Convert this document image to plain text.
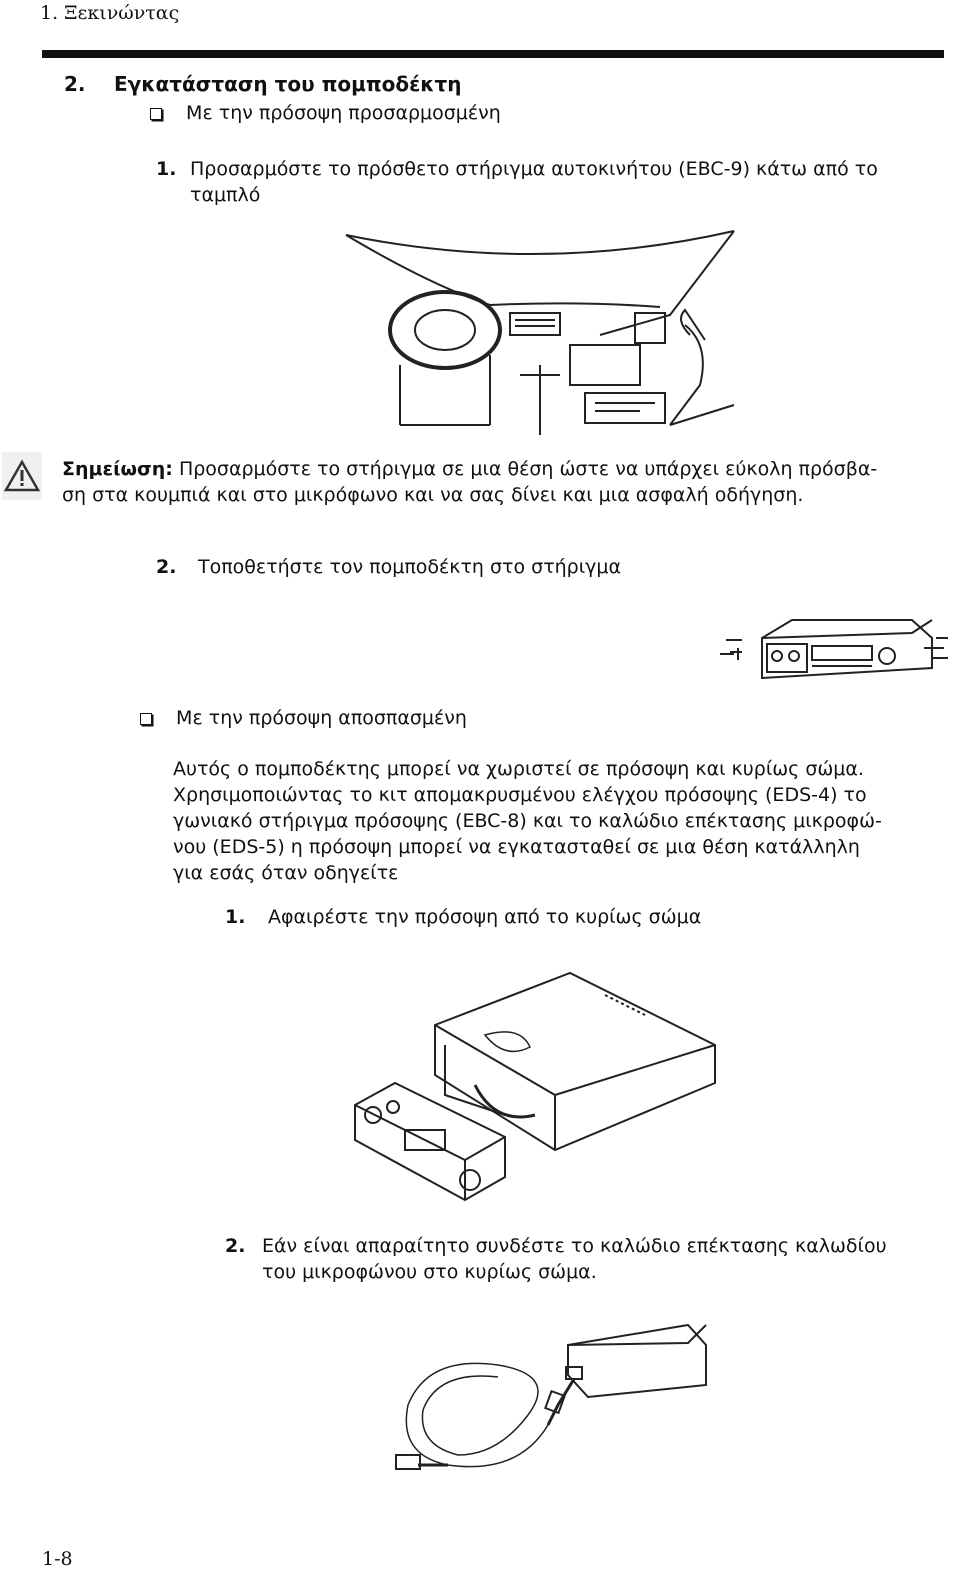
1. Ξεκινώντας
2. Εγκατάσταση του πομποδέκτη
Με την πρόσοψη προσαρμοσμένη
1. Προσαρμόστε το πρόσθετο στήριγμα αυτοκινήτου (EBC-9) κάτω από το ταμπλό
Σημείωση: Προσαρμόστε το στήριγμα σε μια θέση ώστε να υπάρχει εύκολη πρόσβα-
ση στα κουμπιά και στο μικρόφωνο και να σας δίνει και μια ασφαλή οδήγηση.
2. Τοποθετήστε τον πομποδέκτη στο στήριγμα
Με την πρόσοψη αποσπασμένη
Αυτός ο πομποδέκτης μπορεί να χωριστεί σε πρόσοψη και κυρίως σώμα.
Χρησιμοποιώντας το κιτ απομακρυσμένου ελέγχου πρόσοψης (EDS-4) το
γωνιακό στήριγμα πρόσοψης (EBC-8) και το καλώδιο επέκτασης μικροφώ-
νου (EDS-5) η πρόσοψη μπορεί να εγκατασταθεί σε μια θέση κατάλληλη
για εσάς όταν οδηγείτε
1. Αφαιρέστε την πρόσοψη από το κυρίως σώμα
2. Εάν είναι απαραίτητο συνδέστε το καλώδιο επέκτασης καλωδίου
του μικροφώνου στο κυρίως σώμα.
1-8
